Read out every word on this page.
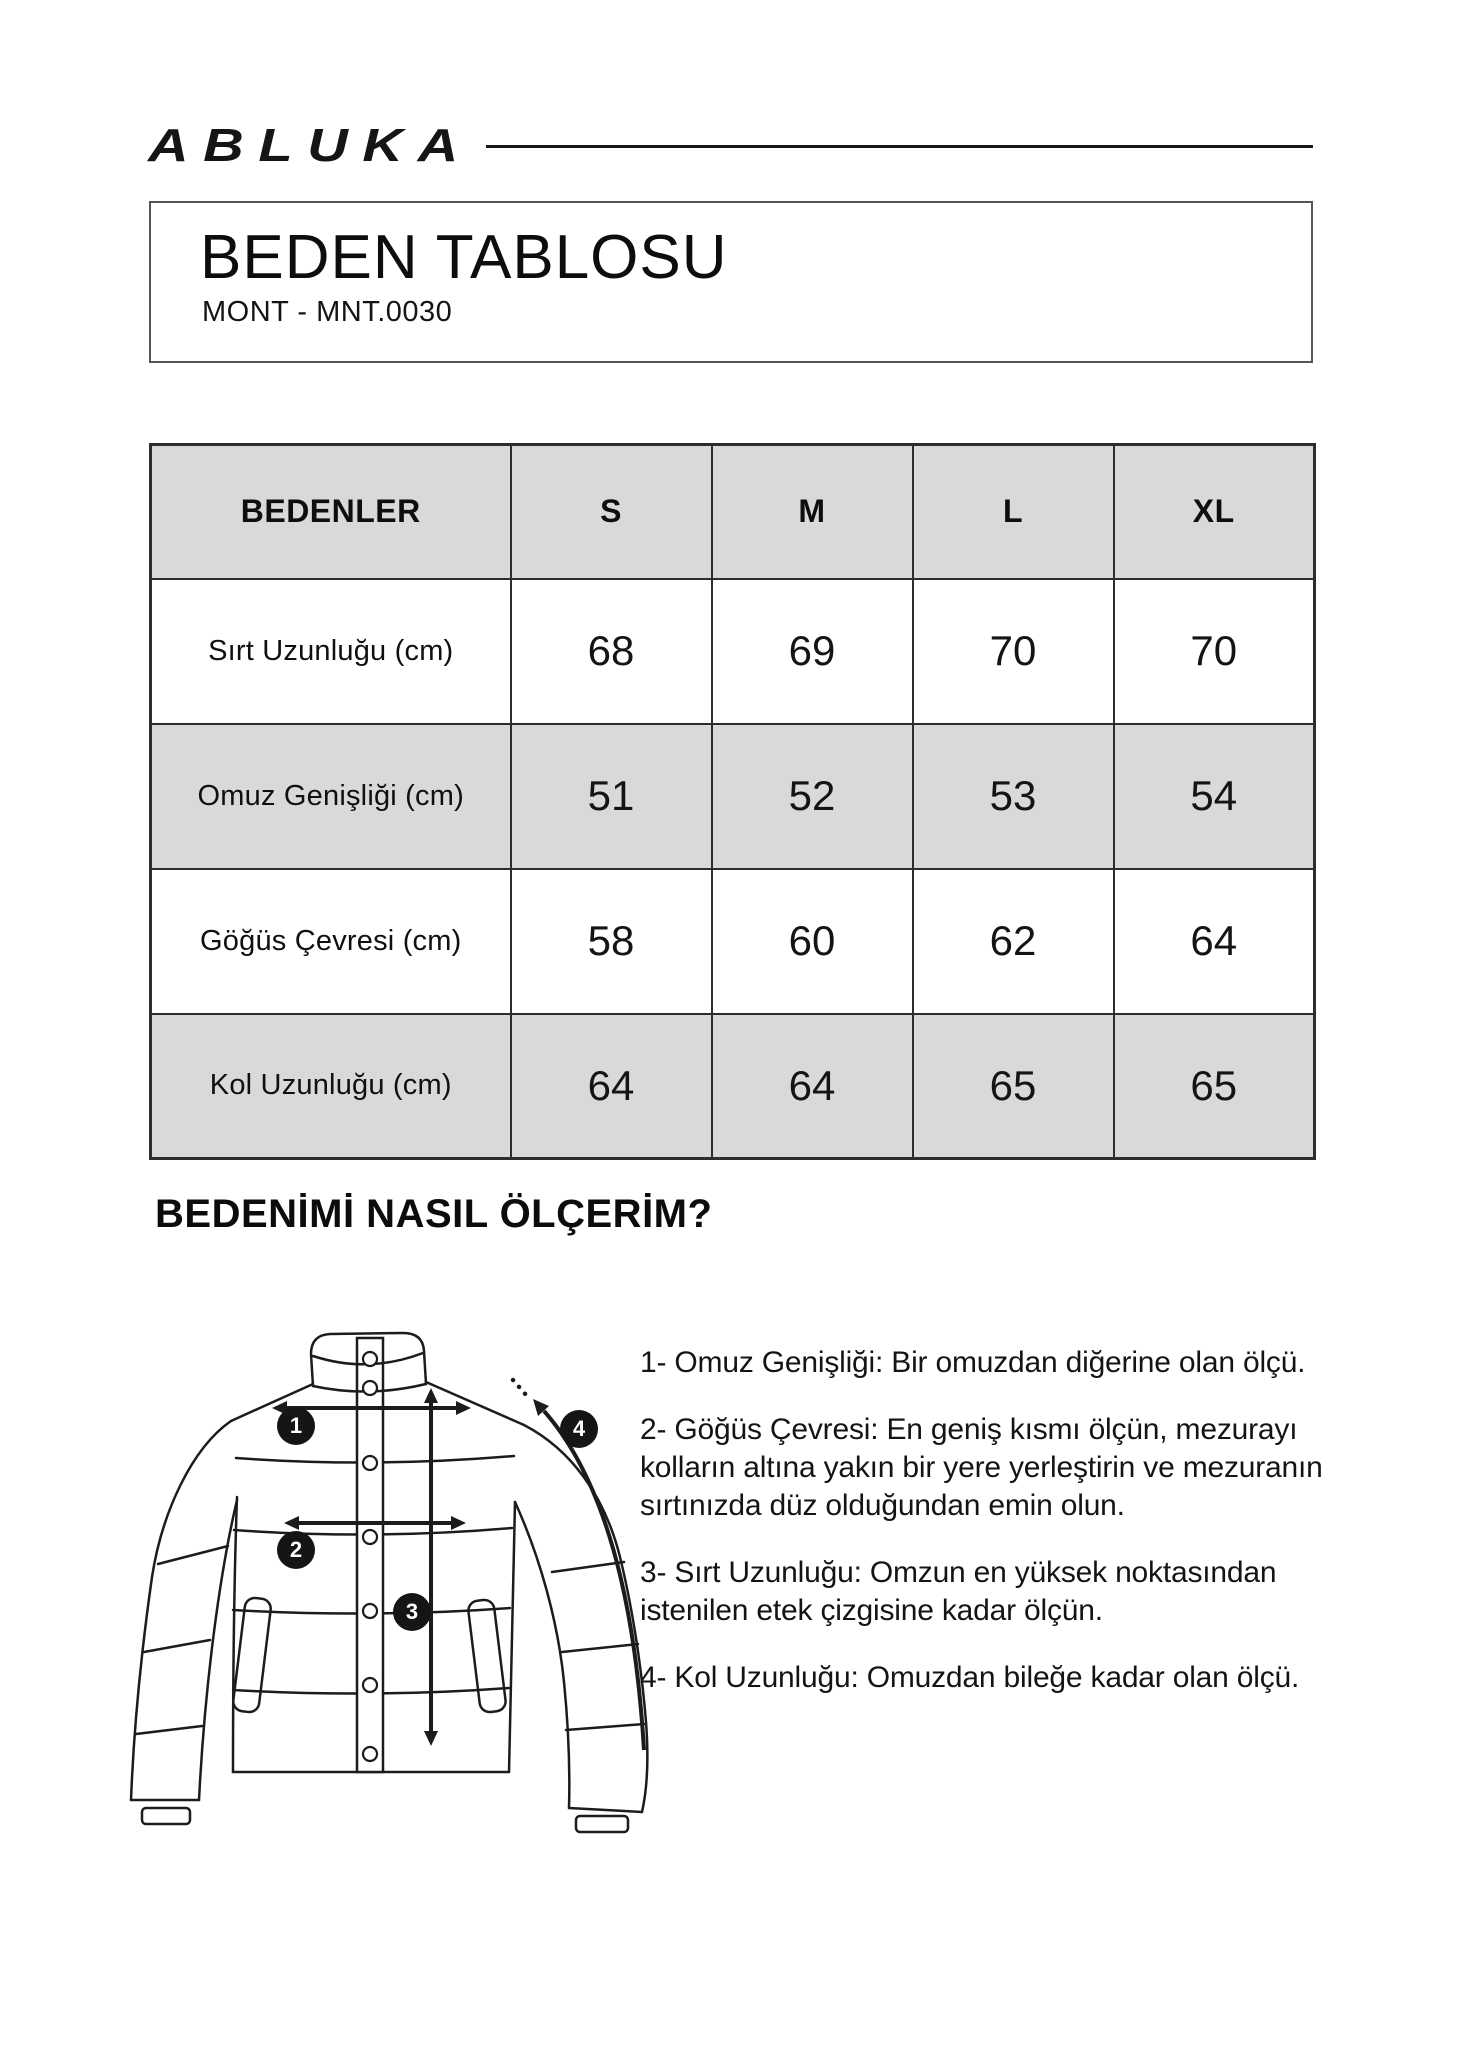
ABLUKA
BEDEN TABLOSU
MONT - MNT.0030
BEDENLER	S	M	L	XL
Sırt Uzunluğu (cm)	68	69	70	70
Omuz Genişliği (cm)	51	52	53	54
Göğüs Çevresi (cm)	58	60	62	64
Kol Uzunluğu (cm)	64	64	65	65
BEDENİMİ NASIL ÖLÇERİM?
1
2
3
4
1- Omuz Genişliği: Bir omuzdan diğerine olan ölçü.
2- Göğüs Çevresi: En geniş kısmı ölçün, mezurayı
kolların altına yakın bir yere yerleştirin ve mezuranın
sırtınızda düz olduğundan emin olun.
3- Sırt Uzunluğu: Omzun en yüksek noktasından
istenilen etek çizgisine kadar ölçün.
4- Kol Uzunluğu: Omuzdan bileğe kadar olan ölçü.
